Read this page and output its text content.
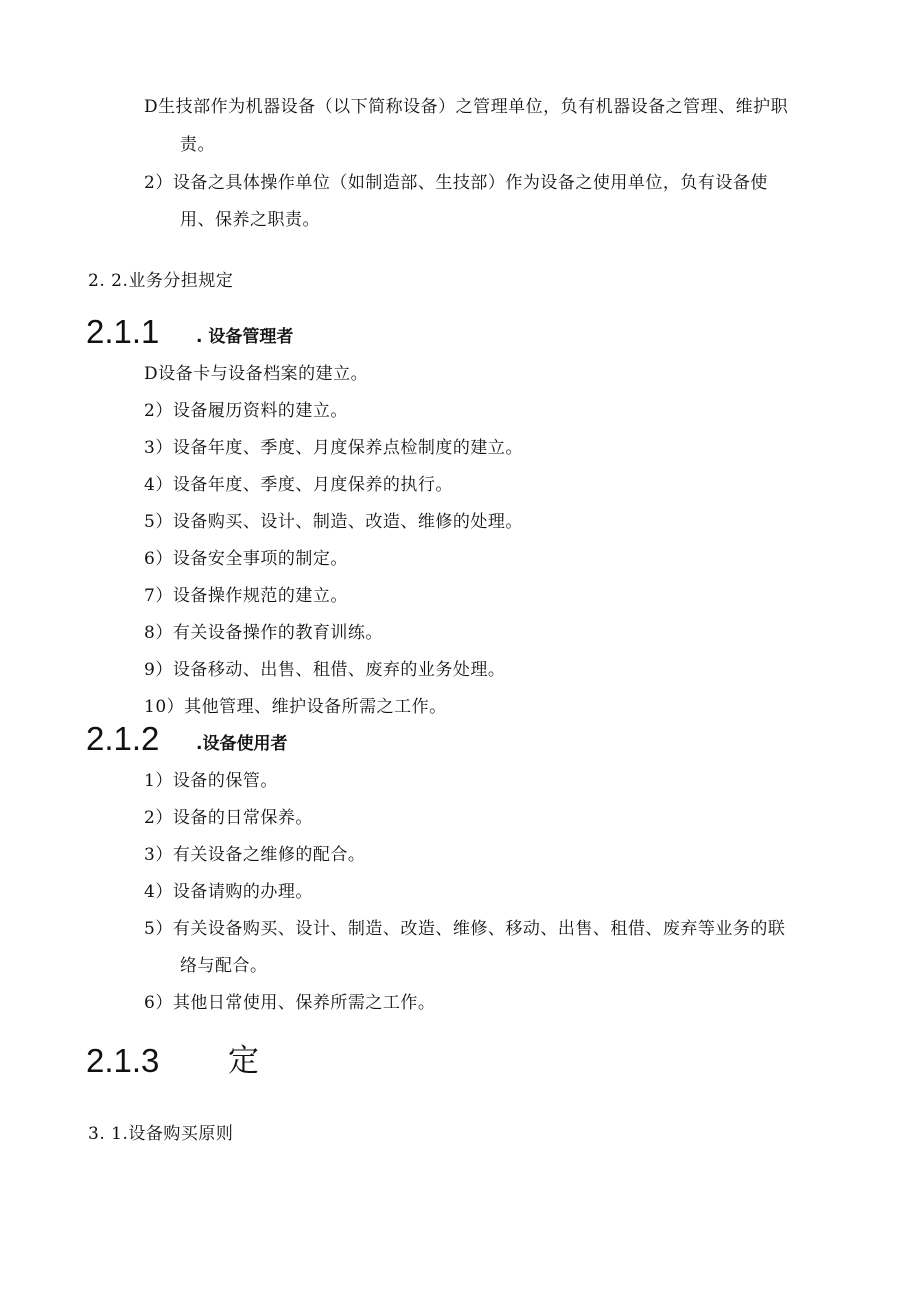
D生技部作为机器设备（以下简称设备）之管理单位，负有机器设备之管理、维护职
责。
2）设备之具体操作单位（如制造部、生技部）作为设备之使用单位，负有设备使
用、保养之职责。
2. 2.业务分担规定
2.1.1 . 设备管理者
D设备卡与设备档案的建立。
2）设备履历资料的建立。
3）设备年度、季度、月度保养点检制度的建立。
4）设备年度、季度、月度保养的执行。
5）设备购买、设计、制造、改造、维修的处理。
6）设备安全事项的制定。
7）设备操作规范的建立。
8）有关设备操作的教育训练。
9）设备移动、出售、租借、废弃的业务处理。
10）其他管理、维护设备所需之工作。
2.1.2 .设备使用者
1）设备的保管。
2）设备的日常保养。
3）有关设备之维修的配合。
4）设备请购的办理。
5）有关设备购买、设计、制造、改造、维修、移动、出售、租借、废弃等业务的联
络与配合。
6）其他日常使用、保养所需之工作。
2.1.3 定
3. 1.设备购买原则
